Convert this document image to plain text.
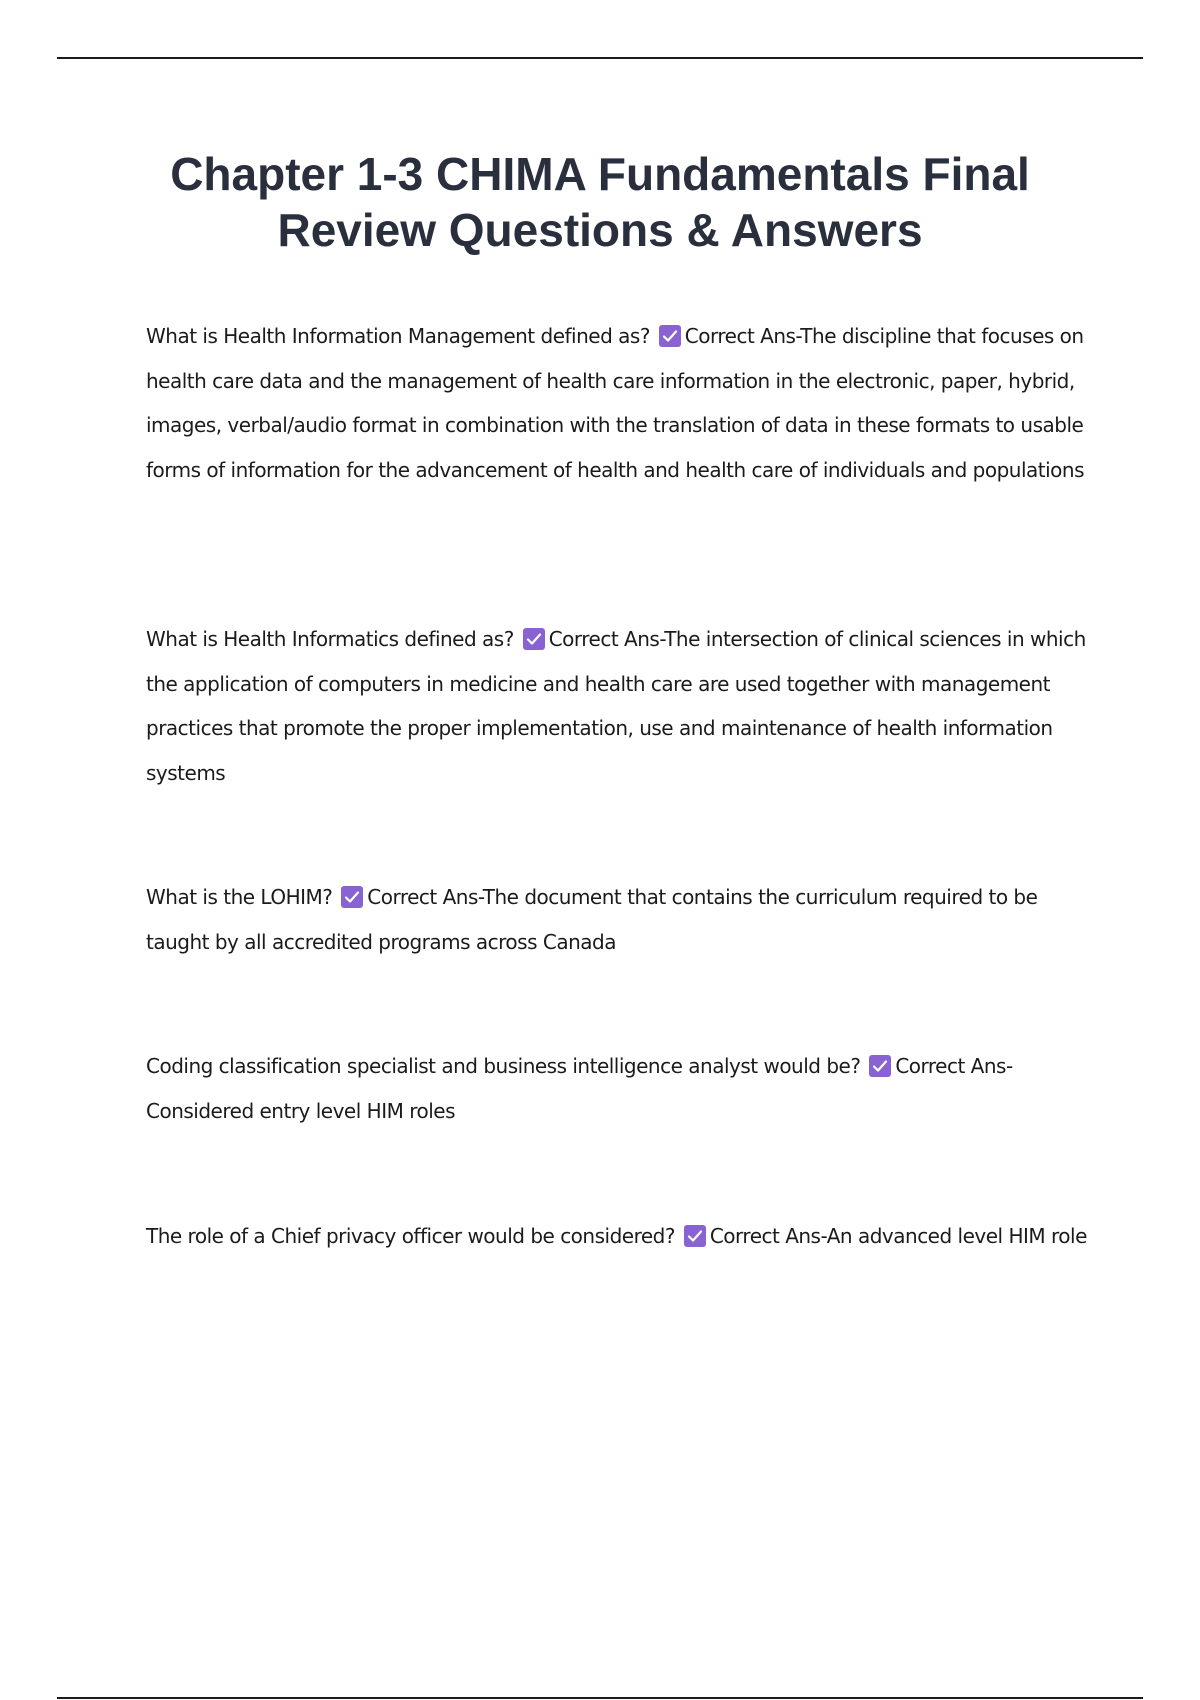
Chapter 1-3 CHIMA Fundamentals Final
Review Questions & Answers

What is Health Information Management defined as? Correct Ans-The discipline that focuses on health care data and the management of health care information in the electronic, paper, hybrid, images, verbal/audio format in combination with the translation of data in these formats to usable forms of information for the advancement of health and health care of individuals and populations

What is Health Informatics defined as? Correct Ans-The intersection of clinical sciences in which the application of computers in medicine and health care are used together with management practices that promote the proper implementation, use and maintenance of health information systems

What is the LOHIM? Correct Ans-The document that contains the curriculum required to be taught by all accredited programs across Canada

Coding classification specialist and business intelligence analyst would be? Correct Ans-Considered entry level HIM roles

The role of a Chief privacy officer would be considered? Correct Ans-An advanced level HIM role
